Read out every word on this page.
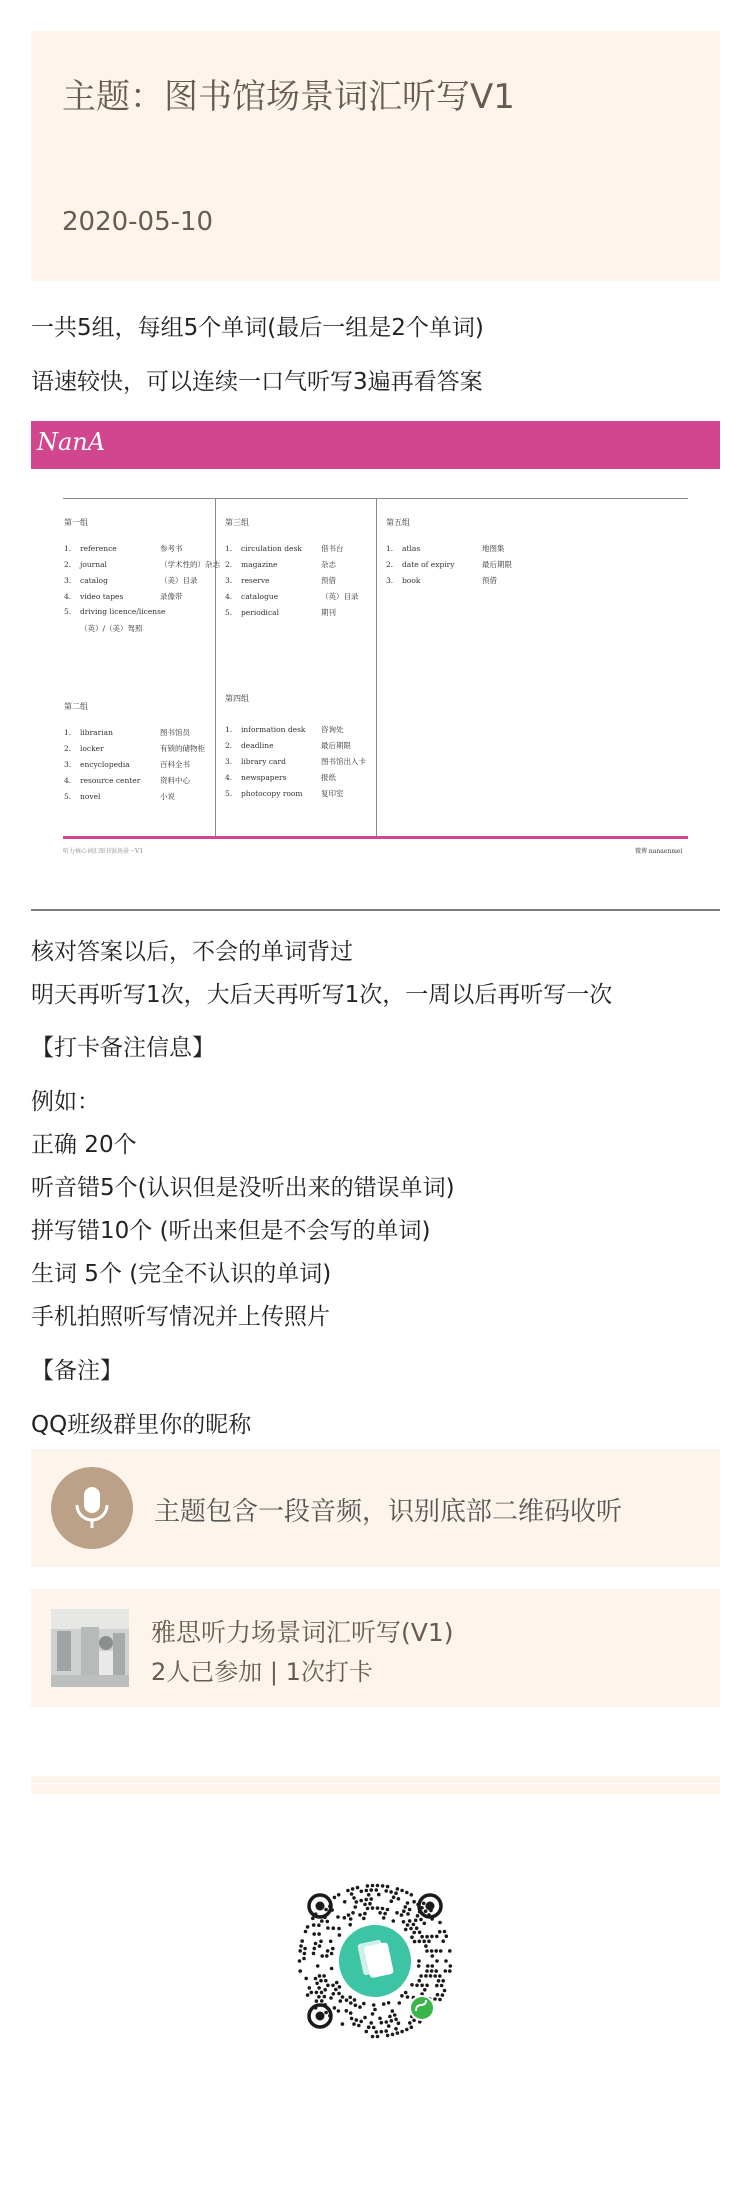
主题：图书馆场景词汇听写V1
2020-05-10
一共5组，每组5个单词(最后一组是2个单词)
语速较快，可以连续一口气听写3遍再看答案
NanA
第一组
1. reference	参考书
2. journal	（学术性的）杂志
3. catalog	（美）目录
4. video tapes	录像带
5. driving licence/license
（英）/（美）驾照
第二组
1. librarian	图书馆员
2. locker	有锁的储物柜
3. encyclopedia	百科全书
4. resource center	资料中心
5. novel	小说
第三组
1. circulation desk	借书台
2. magazine	杂志
3. reserve	预借
4. catalogue	（英）目录
5. periodical	期刊
第四组
1. information desk 咨询处
2. deadline	最后期限
3. library card	图书馆出入卡
4. newspapers	报纸
5. photocopy room 复印室
第五组
1. atlas	地图集
2. date of expiry	最后期限
3. book	预借
听力核心词汇图书馆场景一V1	微博 nanaenmei
核对答案以后，不会的单词背过
明天再听写1次，大后天再听写1次，一周以后再听写一次
【打卡备注信息】
例如：
正确 20个
听音错5个(认识但是没听出来的错误单词)
拼写错10个 (听出来但是不会写的单词)
生词 5个 (完全不认识的单词)
手机拍照听写情况并上传照片
【备注】
QQ班级群里你的昵称
主题包含一段音频，识别底部二维码收听
雅思听力场景词汇听写(V1)
2人已参加 | 1次打卡
